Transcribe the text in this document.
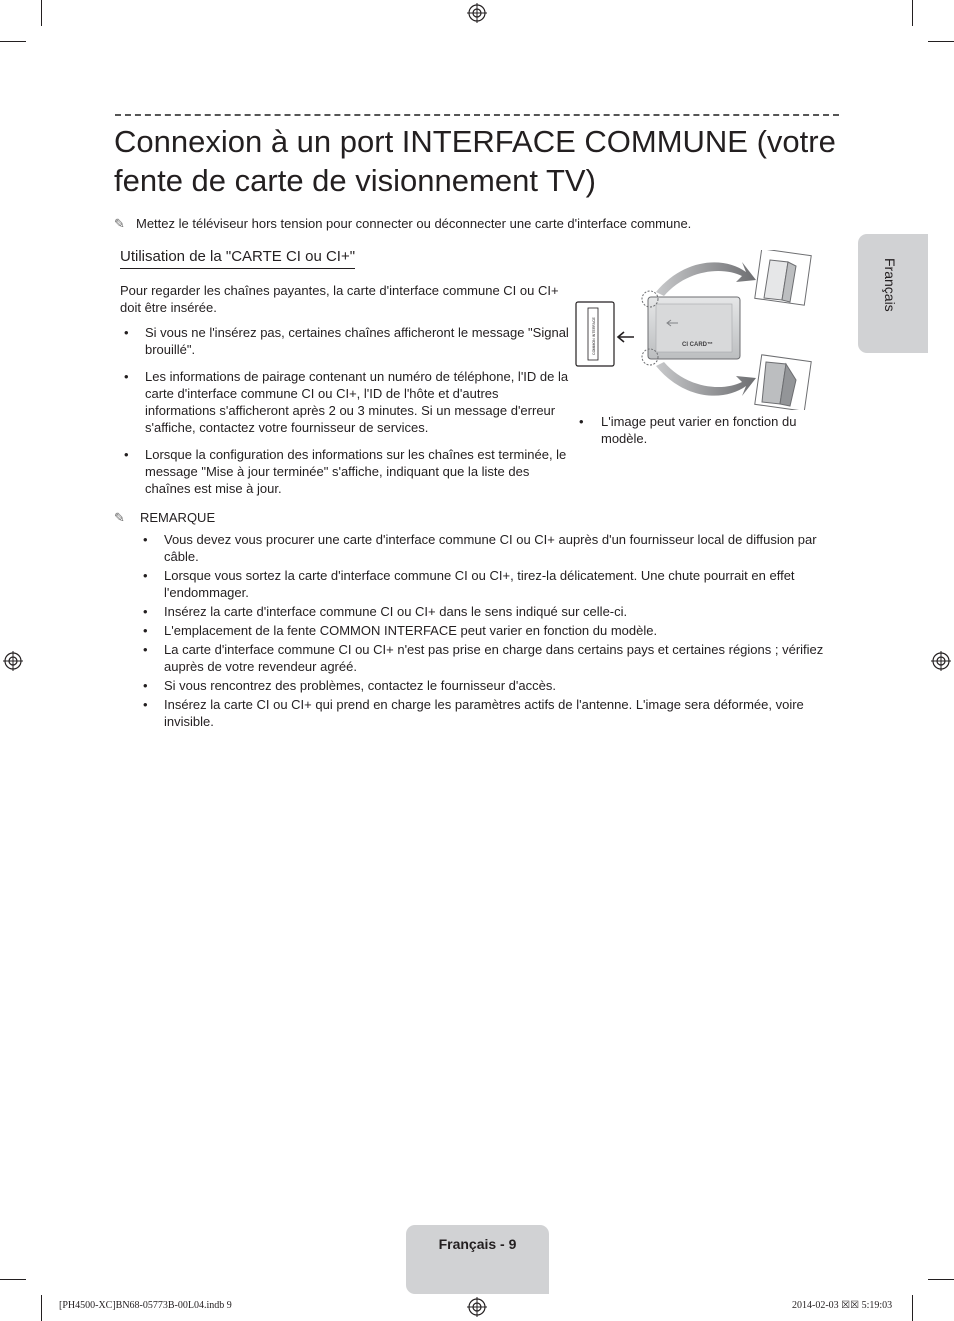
Connexion à un port INTERFACE COMMUNE (votre fente de carte de visionnement TV)
✎ Mettez le téléviseur hors tension pour connecter ou déconnecter une carte d'interface commune.
Utilisation de la "CARTE CI ou CI+"

Pour regarder les chaînes payantes, la carte d'interface commune CI ou CI+ doit être insérée.

• Si vous ne l'insérez pas, certaines chaînes afficheront le message "Signal brouillé".
• Les informations de pairage contenant un numéro de téléphone, l'ID de la carte d'interface commune CI ou CI+, l'ID de l'hôte et d'autres informations s'afficheront après 2 ou 3 minutes. Si un message d'erreur s'affiche, contactez votre fournisseur de services.
• Lorsque la configuration des informations sur les chaînes est terminée, le message "Mise à jour terminée" s'affiche, indiquant que la liste des chaînes est mise à jour.
COMMON INTERFACE	CI CARD™
• L'image peut varier en fonction du modèle.
✎ REMARQUE
• Vous devez vous procurer une carte d'interface commune CI ou CI+ auprès d'un fournisseur local de diffusion par câble.
• Lorsque vous sortez la carte d'interface commune CI ou CI+, tirez-la délicatement. Une chute pourrait en effet l'endommager.
• Insérez la carte d'interface commune CI ou CI+ dans le sens indiqué sur celle-ci.
• L'emplacement de la fente COMMON INTERFACE peut varier en fonction du modèle.
• La carte d'interface commune CI ou CI+ n'est pas prise en charge dans certains pays et certaines régions ; vérifiez auprès de votre revendeur agréé.
• Si vous rencontrez des problèmes, contactez le fournisseur d'accès.
• Insérez la carte CI ou CI+ qui prend en charge les paramètres actifs de l'antenne. L'image sera déformée, voire invisible.
Français
Français - 9
[PH4500-XC]BN68-05773B-00L04.indb 9	2014-02-03 ☒☒ 5:19:03
